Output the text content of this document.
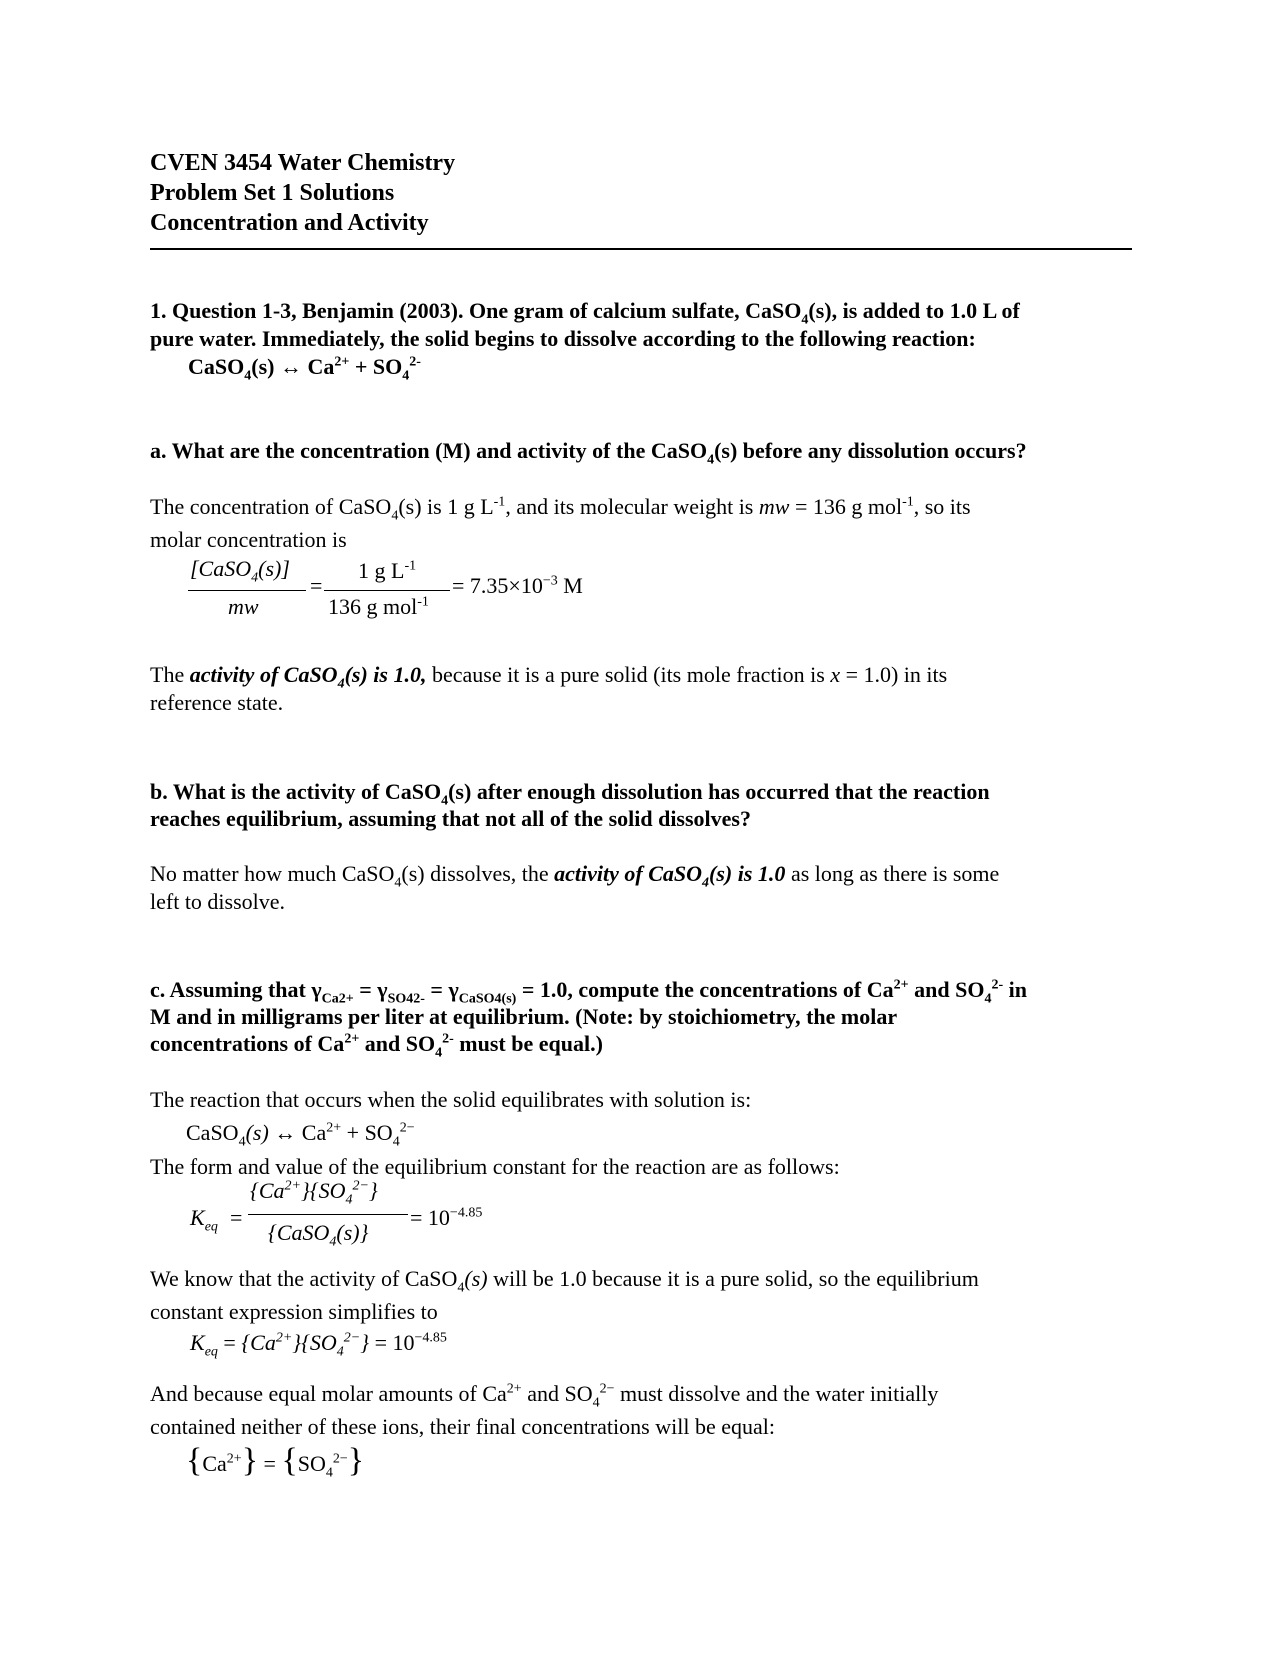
CVEN 3454 Water Chemistry
Problem Set 1 Solutions
Concentration and Activity
1. Question 1-3, Benjamin (2003). One gram of calcium sulfate, CaSO$_4$(s), is added to 1.0 L of
pure water. Immediately, the solid begins to dissolve according to the following reaction:
CaSO$_4$(s) ↔ $Ca^{2+} + SO_4^{2-}$
a. What are the concentration (M) and activity of the CaSO$_4$(s) before any dissolution occurs?
The concentration of CaSO$_4$(s) is 1 g $L^{-1}$, and its molecular weight is mw = 136 g mol$^{-1}$, so its
molar concentration is
[CaSO$_4$(s)]
mw
=
1 g $L^{-1}$
136 g mol$^{-1}$
= $7.35\times 10^{-3}$ M
The activity of CaSO$_4$(s) is 1.0, because it is a pure solid (its mole fraction is x = 1.0) in its
reference state.
b. What is the activity of CaSO$_4$(s) after enough dissolution has occurred that the reaction
reaches equilibrium, assuming that not all of the solid dissolves?
No matter how much CaSO$_4$(s) dissolves, the activity of CaSO$_4$(s) is 1.0 as long as there is some
left to dissolve.
c. Assuming that $\gamma_{Ca2+} = \gamma_{SO42-} = \gamma_{CaSO4(s)} = 1.0$, compute the concentrations of $Ca^{2+}$ and $SO_4^{2-}$ in
M and in milligrams per liter at equilibrium. (Note: by stoichiometry, the molar
concentrations of $Ca^{2+}$ and $SO_4^{2-}$ must be equal.)
The reaction that occurs when the solid equilibrates with solution is:
CaSO$_4$(s) ↔ $Ca^{2+} + SO_4^{2-}$
The form and value of the equilibrium constant for the reaction are as follows:
$K_{eq}$ =
$\{Ca^{2+}\}\{SO_4^{2-}\}$
{CaSO$_4$(s)}
= $10^{-4.85}$
We know that the activity of CaSO$_4$(s) will be 1.0 because it is a pure solid, so the equilibrium
constant expression simplifies to
$K_{eq} = \{Ca^{2+}\}\{SO_4^{2-}\} = 10^{-4.85}$
And because equal molar amounts of $Ca^{2+}$ and $SO_4^{2-}$ must dissolve and the water initially
contained neither of these ions, their final concentrations will be equal:
$\{Ca^{2+}\} = \{SO_4^{2-}\}$
